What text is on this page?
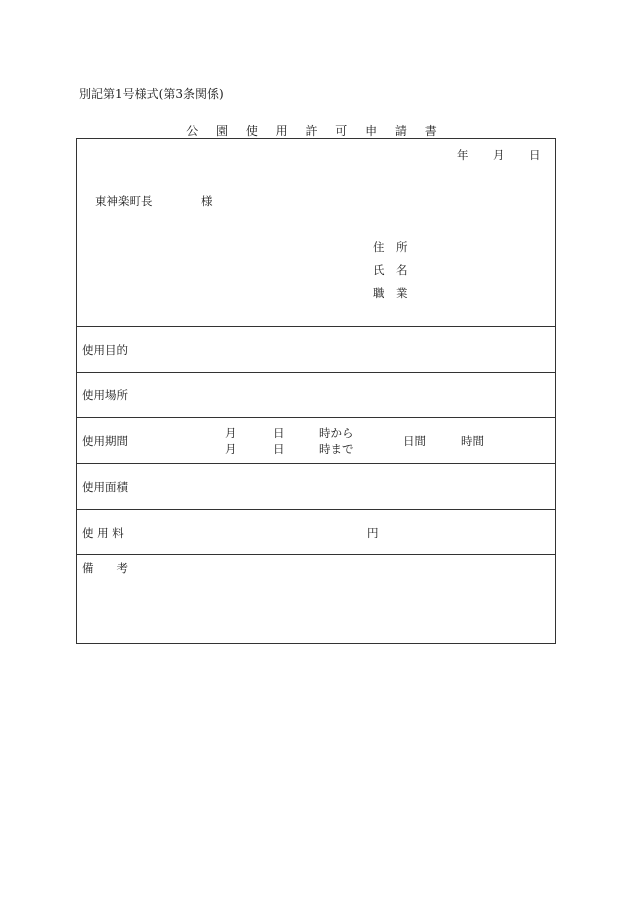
別記第1号様式(第3条関係)
公 園 使 用 許 可 申 請 書
年 月 日
東神楽町長	様
住　所
氏　名
職　業
使用目的
使用場所
使用期間
月	日	時から
月	日	時まで
日間	時間
使用面積
使 用 料	円
備　　考
